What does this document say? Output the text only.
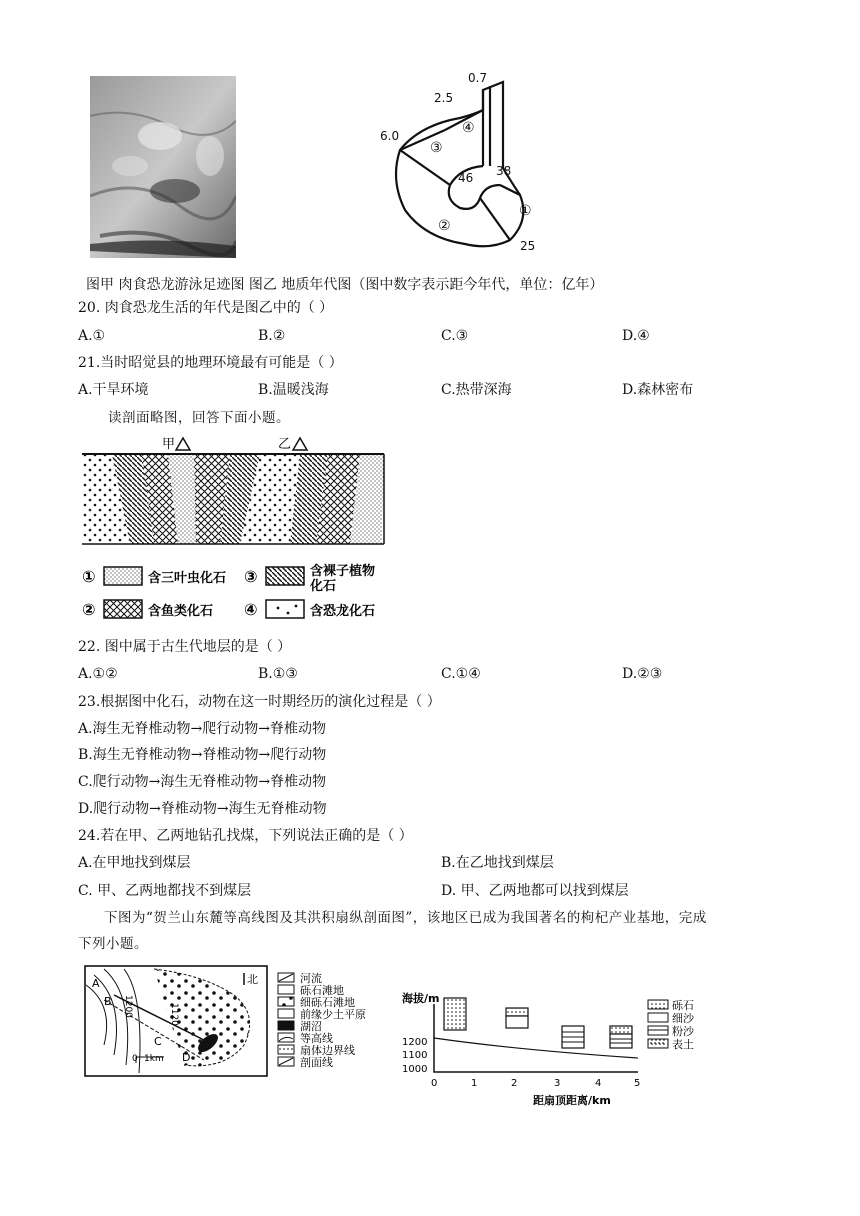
0.7
2.5
6.0
38
46
25
①
②
③
④
图甲 肉食恐龙游泳足迹图 图乙 地质年代图（图中数字表示距今年代，单位：亿年）
20. 肉食恐龙生活的年代是图乙中的（ ）
A.①	B.②	C.③	D.④
21.当时昭觉县的地理环境最有可能是（ ）
A.干旱环境	B.温暖浅海	C.热带深海	D.森林密布
读剖面略图，回答下面小题。
甲	乙
①	含三叶虫化石 ③	含裸子植物
化石
②	含鱼类化石 ④	含恐龙化石
22. 图中属于古生代地层的是（ ）
A.①②	B.①③	C.①④	D.②③
23.根据图中化石，动物在这一时期经历的演化过程是（ ）
A.海生无脊椎动物→爬行动物→脊椎动物
B.海生无脊椎动物→脊椎动物→爬行动物
C.爬行动物→海生无脊椎动物→脊椎动物
D.爬行动物→脊椎动物→海生无脊椎动物
24.若在甲、乙两地钻孔找煤，下列说法正确的是（ ）
A.在甲地找到煤层	B.在乙地找到煤层
C. 甲、乙两地都找不到煤层	D. 甲、乙两地都可以找到煤层
下图为“贺兰山东麓等高线图及其洪积扇纵剖面图”，该地区已成为我国著名的枸杞产业基地，完成
下列小题。
A
B
C
D
1200	1120
北
0 1km
河流
砾石滩地
细砾石滩地
前缘少土平原
湖沼
等高线
扇体边界线
剖面线
海拔/m
1200
1100
1000
0	1	2	3	4	5
距扇顶距离/km
砾石
细沙
粉沙
表土
